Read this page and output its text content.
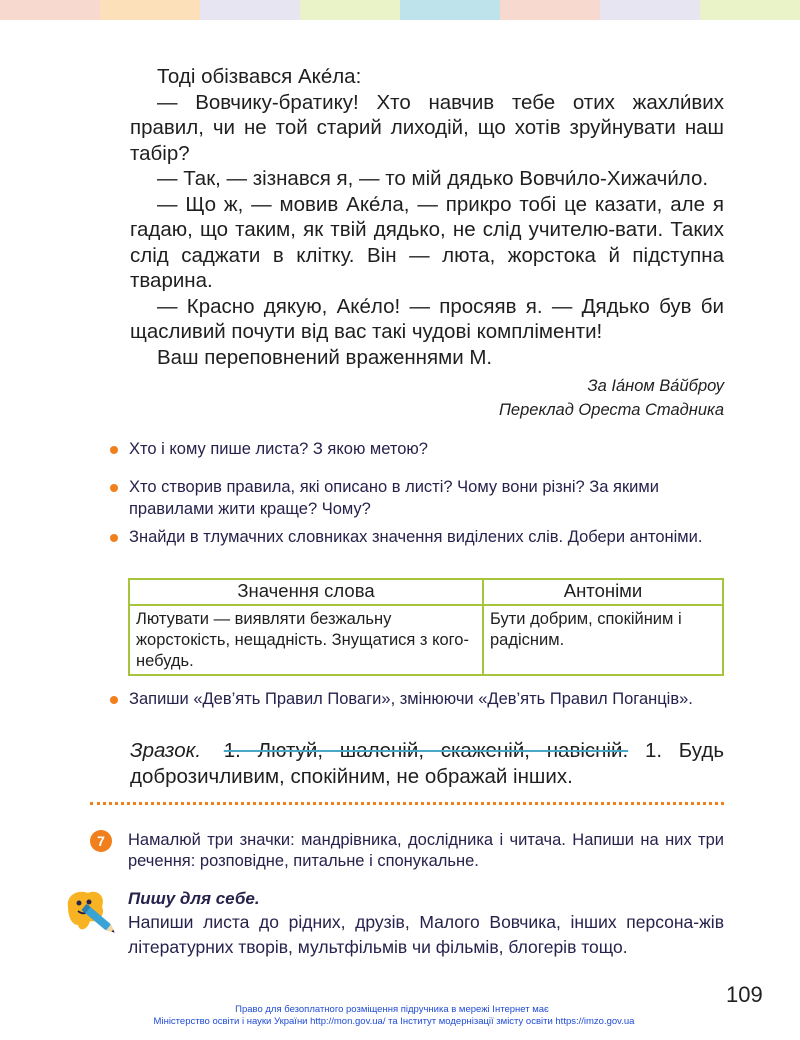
Тоді обізвався Аке́ла:

— Вовчику-братику! Хто навчив тебе отих жахли́вих правил, чи не той старий лиходій, що хотів зруйнувати наш табір?

— Так, — зізнався я, — то мій дядько Вовчи́ло-Хижачи́ло.

— Що ж, — мовив Аке́ла, — прикро тобі це казати, але я гадаю, що таким, як твій дядько, не слід учителю-вати. Таких слід саджати в клітку. Він — люта, жорстока й підступна тварина.

— Красно дякую, Аке́ло! — просяяв я. — Дядько був би щасливий почути від вас такі чудові компліменти!

Ваш переповнений враженнями М.

За Іа́ном Ва́йброу
Переклад Ореста Стадника
Хто і кому пише листа? З якою метою?
Хто створив правила, які описано в листі? Чому вони різні? За якими правилами жити краще? Чому?
Знайди в тлумачних словниках значення виділених слів. Добери антоніми.
Значення слова	Антоніми
Лютувати — виявляти безжальну жорстокість, нещадність. Знущатися з кого-небудь.	Бути добрим, спокійним і радісним.
Запиши «Дев’ять Правил Поваги», змінюючи «Дев’ять Правил Поганців».
Зразок. 1. Лютуй, шаленій, скаженій, навісній. 1. Будь доброзичливим, спокійним, не ображай інших.
7	Намалюй три значки: мандрівника, дослідника і читача. Напиши на них три речення: розповідне, питальне і спонукальне.

Пишу для себе.

Напиши листа до рідних, друзів, Малого Вовчика, інших персона-жів літературних творів, мультфільмів чи фільмів, блогерів тощо.

109
Право для безоплатного розміщення підручника в мережі Інтернет має
Міністерство освіти і науки України http://mon.gov.ua/ та Інститут модернізації змісту освіти https://imzo.gov.ua
